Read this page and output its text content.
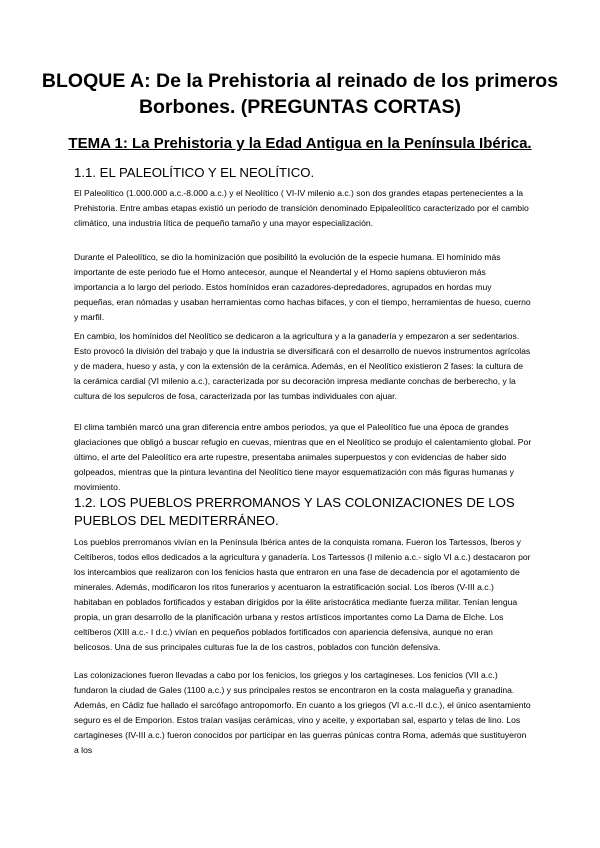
BLOQUE A: De la Prehistoria al reinado de los primeros Borbones. (PREGUNTAS CORTAS)
TEMA 1: La Prehistoria y la Edad Antigua en la Península Ibérica.
1.1. EL PALEOLÍTICO Y EL NEOLÍTICO.

El Paleolítico (1.000.000 a.c.-8.000 a.c.) y el Neolítico ( VI-IV milenio a.c.) son dos grandes etapas pertenecientes a la Prehistoria. Entre ambas etapas existió un periodo de transición denominado Epipaleolítico caracterizado por el cambio climático, una industria lítica de pequeño tamaño y una mayor especialización.

Durante el Paleolítico, se dio la hominización que posibilitó la evolución de la especie humana. El homínido más importante de este periodo fue el Homo antecesor, aunque el Neandertal y el Homo sapiens obtuvieron más importancia a lo largo del periodo. Estos homínidos eran cazadores-depredadores, agrupados en hordas muy pequeñas, eran nómadas y usaban herramientas como hachas bifaces, y con el tiempo, herramientas de hueso, cuerno y marfil.

En cambio, los homínidos del Neolítico se dedicaron a la agricultura y a la ganadería y empezaron a ser sedentarios. Esto provocó la división del trabajo y que la industria se diversificará con el desarrollo de nuevos instrumentos agrícolas y de madera, hueso y asta, y con la extensión de la cerámica. Además, en el Neolítico existieron 2 fases: la cultura de la cerámica cardial (VI milenio a.c.), caracterizada por su decoración impresa mediante conchas de berberecho, y la cultura de los sepulcros de fosa, caracterizada por las tumbas individuales con ajuar.

El clima también marcó una gran diferencia entre ambos periodos, ya que el Paleolítico fue una época de grandes glaciaciones que obligó a buscar refugio en cuevas, mientras que en el Neolítico se produjo el calentamiento global. Por último, el arte del Paleolítico era arte rupestre, presentaba animales superpuestos y con evidencias de haber sido golpeados, mientras que la pintura levantina del Neolítico tiene mayor esquematización con más figuras humanas y movimiento.

1.2. LOS PUEBLOS PRERROMANOS Y LAS COLONIZACIONES DE LOS PUEBLOS DEL MEDITERRÁNEO.

Los pueblos prerromanos vivían en la Península Ibérica antes de la conquista romana. Fueron los Tartessos, Íberos y Celtíberos, todos ellos dedicados a la agricultura y ganadería. Los Tartessos (I milenio a.c.- siglo VI a.c.) destacaron por los intercambios que realizaron con los fenicios hasta que entraron en una fase de decadencia por el agotamiento de minerales. Además, modificaron los ritos funerarios y acentuaron la estratificación social. Los íberos (V-III a.c.) habitaban en poblados fortificados y estaban dirigidos por la élite aristocrática mediante fuerza militar. Tenían lengua propia, un gran desarrollo de la planificación urbana y restos artísticos importantes como La Dama de Elche. Los celtíberos (XIII a.c.- I d.c.) vivían en pequeños poblados fortificados con apariencia defensiva, aunque no eran belicosos. Una de sus principales culturas fue la de los castros, poblados con función defensiva.

Las colonizaciones fueron llevadas a cabo por los fenicios, los griegos y los cartagineses. Los fenicios (VII a.c.) fundaron la ciudad de Gales (1100 a.c.) y sus principales restos se encontraron en la costa malagueña y granadina. Además, en Cádiz fue hallado el sarcófago antropomorfo. En cuanto a los griegos (VI a.c.-II d.c.), el único asentamiento seguro es el de Emporion. Estos traían vasijas cerámicas, vino y aceite, y exportaban sal, esparto y telas de lino. Los cartagineses (IV-III a.c.) fueron conocidos por participar en las guerras púnicas contra Roma, además que sustituyeron a los
